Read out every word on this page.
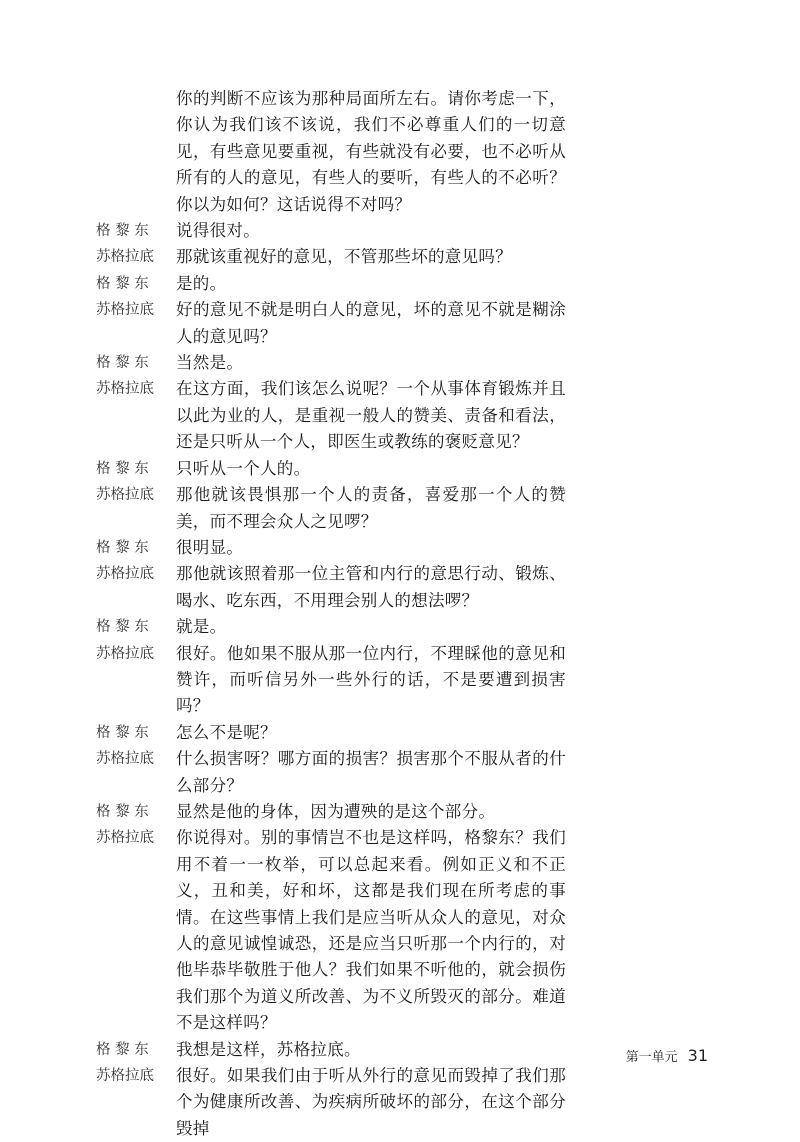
你的判断不应该为那种局面所左右。请你考虑一下，你认为我们该不该说，我们不必尊重人们的一切意见，有些意见要重视，有些就没有必要，也不必听从所有的人的意见，有些人的要听，有些人的不必听？你以为如何？这话说得不对吗？
格 黎 东	说得很对。
苏格拉底	那就该重视好的意见，不管那些坏的意见吗？
格 黎 东	是的。
苏格拉底	好的意见不就是明白人的意见，坏的意见不就是糊涂人的意见吗？
格 黎 东	当然是。
苏格拉底	在这方面，我们该怎么说呢？一个从事体育锻炼并且以此为业的人，是重视一般人的赞美、责备和看法，还是只听从一个人，即医生或教练的褒贬意见？
格 黎 东	只听从一个人的。
苏格拉底	那他就该畏惧那一个人的责备，喜爱那一个人的赞美，而不理会众人之见啰？
格 黎 东	很明显。
苏格拉底	那他就该照着那一位主管和内行的意思行动、锻炼、喝水、吃东西，不用理会别人的想法啰？
格 黎 东	就是。
苏格拉底	很好。他如果不服从那一位内行，不理睬他的意见和赞许，而听信另外一些外行的话，不是要遭到损害吗？
格 黎 东	怎么不是呢？
苏格拉底	什么损害呀？哪方面的损害？损害那个不服从者的什么部分？
格 黎 东	显然是他的身体，因为遭殃的是这个部分。
苏格拉底	你说得对。别的事情岂不也是这样吗，格黎东？我们用不着一一枚举，可以总起来看。例如正义和不正义，丑和美，好和坏，这都是我们现在所考虑的事情。在这些事情上我们是应当听从众人的意见，对众人的意见诚惶诚恐，还是应当只听那一个内行的，对他毕恭毕敬胜于他人？我们如果不听他的，就会损伤我们那个为道义所改善、为不义所毁灭的部分。难道不是这样吗？
格 黎 东	我想是这样，苏格拉底。
苏格拉底	很好。如果我们由于听从外行的意见而毁掉了我们那个为健康所改善、为疾病所破坏的部分，在这个部分毁掉
第一单元 31
